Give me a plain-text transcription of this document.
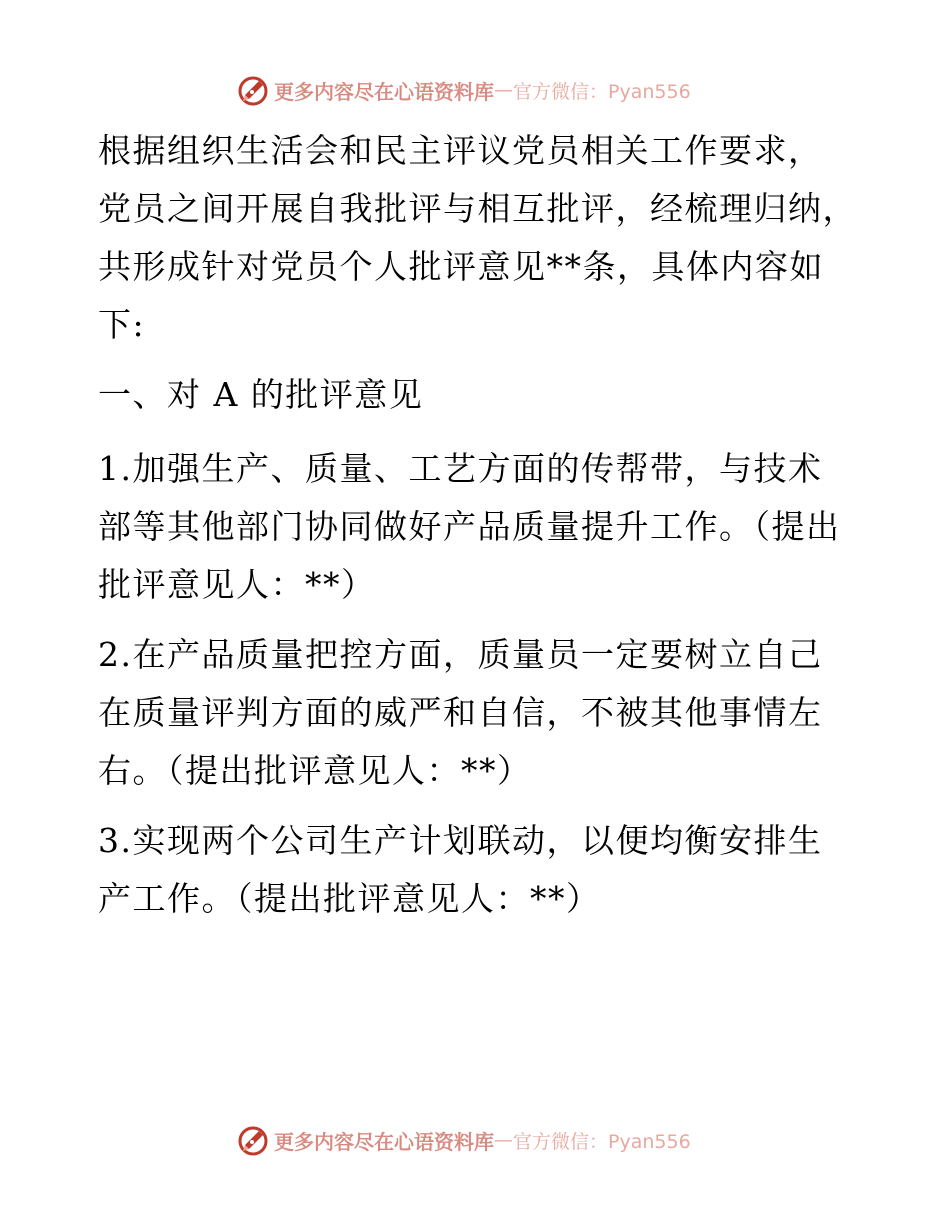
更多内容尽在心语资料库 — 官方微信：Pyan556
根据组织生活会和民主评议党员相关工作要求，
党员之间开展自我批评与相互批评，经梳理归纳，
共形成针对党员个人批评意见**条，具体内容如
下:
一、对 A 的批评意见
1.加强生产、质量、工艺方面的传帮带，与技术
部等其他部门协同做好产品质量提升工作。（提出
批评意见人：**）
2.在产品质量把控方面，质量员一定要树立自己
在质量评判方面的威严和自信，不被其他事情左
右。（提出批评意见人：**）
3.实现两个公司生产计划联动，以便均衡安排生
产工作。（提出批评意见人：**）
更多内容尽在心语资料库 — 官方微信：Pyan556
